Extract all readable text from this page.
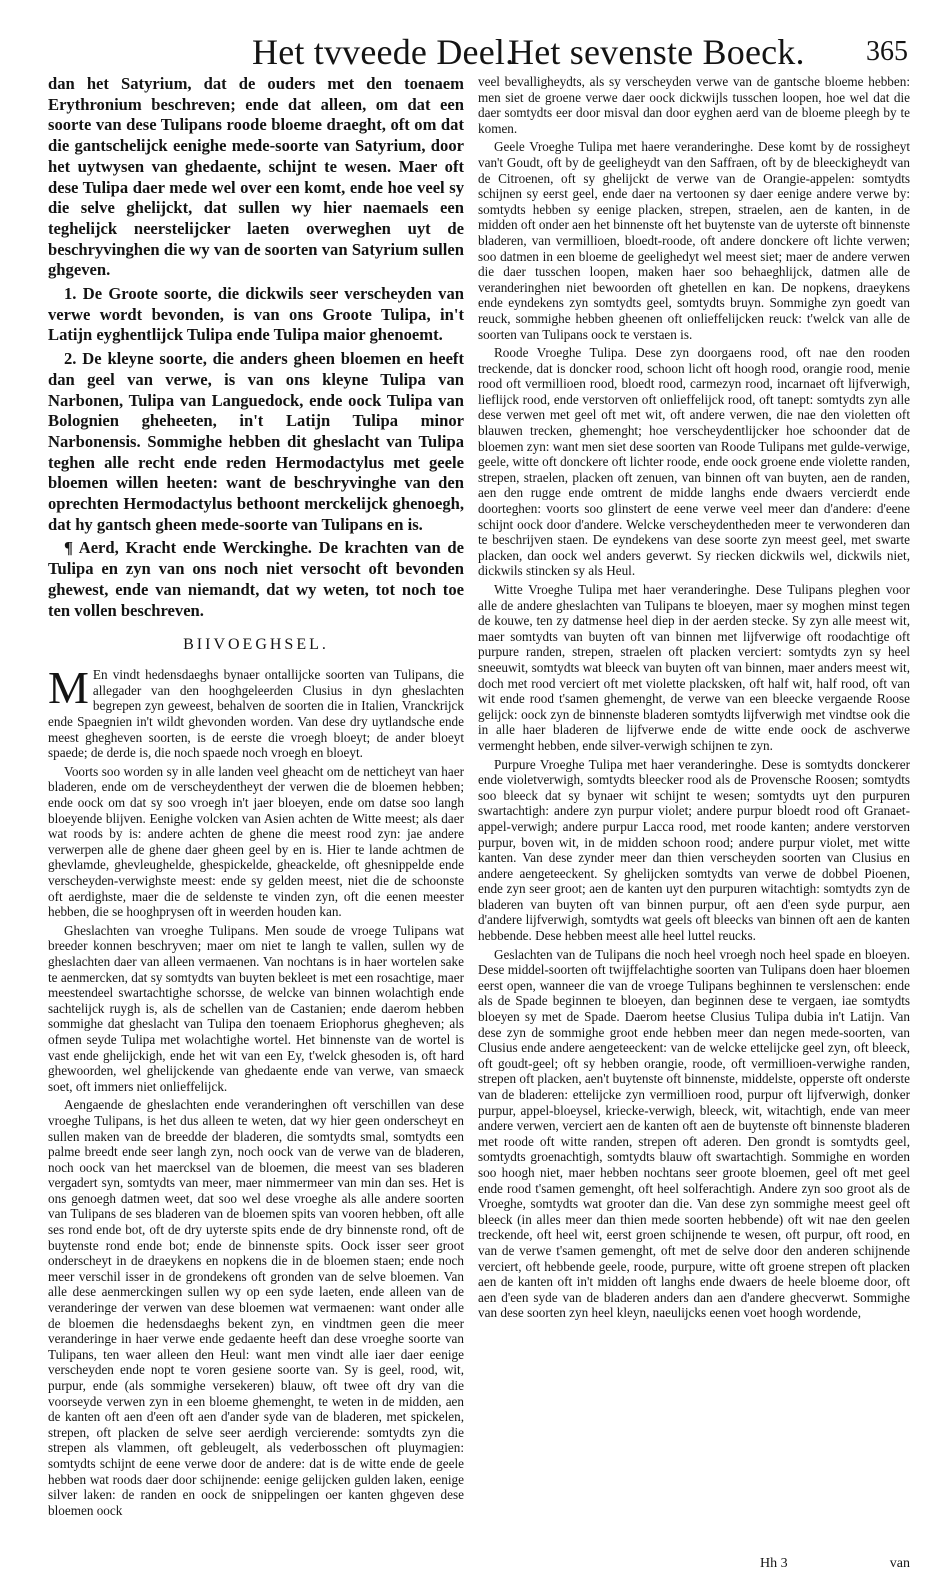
Het tvveede Deel.
Het sevenste Boeck. 365

dan het Satyrium, dat de ouders met den toenaem Erythronium beschreven; ende dat alleen, om dat een soorte van dese Tulipans roode bloeme draeght, oft om dat die gantschelijck eenighe mede-soorte van Satyrium, door het uytwysen van ghedaente, schijnt te wesen. Maer oft dese Tulipa daer mede wel over een komt, ende hoe veel sy die selve ghelijckt, dat sullen wy hier naemaels een teghelijck neerstelijcker laeten overweghen uyt de beschryvinghen die wy van de soorten van Satyrium sullen ghgeven.

1. De Groote soorte, die dickwils seer verscheyden van verwe wordt bevonden, is van ons Groote Tulipa, in't Latijn eyghentlijck Tulipa ende Tulipa maior ghenoemt.

2. De kleyne soorte, die anders gheen bloemen en heeft dan geel van verwe, is van ons kleyne Tulipa van Narbonen, Tulipa van Languedock, ende oock Tulipa van Bolognien gheheeten, in't Latijn Tulipa minor Narbonensis. Sommighe hebben dit gheslacht van Tulipa teghen alle recht ende reden Hermodactylus met geele bloemen willen heeten: want de beschryvinghe van den oprechten Hermodactylus bethoont merckelijck ghenoegh, dat hy gantsch gheen mede-soorte van Tulipans en is.

¶ Aerd, Kracht ende Werckinghe. De krachten van de Tulipa en zyn van ons noch niet versocht oft bevonden ghewest, ende van niemandt, dat wy weten, tot noch toe ten vollen beschreven.

BIIVOEGHSEL.

M En vindt hedensdaeghs bynaer ontallijcke soorten van Tulipans, die allegader van den hooghgeleerden Clusius in dyn gheslachten begrepen zyn geweest, behalven de soorten die in Italien, Vranckrijck ende Spaegnien in't wildt ghevonden worden. Van dese dry uytlandsche ende meest ghegheven soorten, is de eerste die vroegh bloeyt; de ander bloeyt spaede; de derde is, die noch spaede noch vroegh en bloeyt.

Voorts soo worden sy in alle landen veel gheacht om de netticheyt van haer bladeren, ende om de verscheydentheyt der verwen die de bloemen hebben; ende oock om dat sy soo vroegh in't jaer bloeyen, ende om datse soo langh bloeyende blijven. Eenighe volcken van Asien achten de Witte meest; als daer wat roods by is: andere achten de ghene die meest rood zyn: jae andere verwerpen alle de ghene daer gheen geel by en is. Hier te lande achtmen de ghevlamde, ghevleughelde, ghespickelde, gheackelde, oft ghesnippelde ende verscheyden-verwighste meest: ende sy gelden meest, niet die de schoonste oft aerdighste, maer die de seldenste te vinden zyn, oft die eenen meester hebben, die se hooghprysen oft in weerden houden kan.

Gheslachten van vroeghe Tulipans. Men soude de vroege Tulipans wat breeder konnen beschryven; maer om niet te langh te vallen, sullen wy de gheslachten daer van alleen vermaenen. Van nochtans is in haer wortelen sake te aenmercken, dat sy somtydts van buyten bekleet is met een rosachtige, maer meestendeel swartachtighe schorsse, de welcke van binnen wolachtigh ende sachtelijck ruygh is, als de schellen van de Castanien; ende daerom hebben sommighe dat gheslacht van Tulipa den toenaem Eriophorus ghegheven; als ofmen seyde Tulipa met wolachtighe wortel. Het binnenste van de wortel is vast ende ghelijckigh, ende het wit van een Ey, t'welck ghesoden is, oft hard ghewoorden, wel ghelijckende van ghedaente ende van verwe, van smaeck soet, oft immers niet onlieffelijck.

Aengaende de gheslachten ende veranderinghen oft verschillen van dese vroeghe Tulipans, is het dus alleen te weten, dat wy hier geen onderscheyt en sullen maken van de breedde der bladeren, die somtydts smal, somtydts een palme breedt ende seer langh zyn, noch oock van de verwe van de bladeren, noch oock van het maercksel van de bloemen, die meest van ses bladeren vergadert syn, somtydts van meer, maer nimmermeer van min dan ses. Het is ons genoegh datmen weet, dat soo wel dese vroeghe als alle andere soorten van Tulipans de ses bladeren van de bloemen spits van vooren hebben, oft alle ses rond ende bot, oft de dry uyterste spits ende de dry binnenste rond, oft de buytenste rond ende bot; ende de binnenste spits. Oock isser seer groot onderscheyt in de draeykens en nopkens die in de bloemen staen; ende noch meer verschil isser in de grondekens oft gronden van de selve bloemen. Van alle dese aenmerckingen sullen wy op een syde laeten, ende alleen van de veranderinge der verwen van dese bloemen wat vermaenen: want onder alle de bloemen die hedensdaeghs bekent zyn, en vindtmen geen die meer veranderinge in haer verwe ende gedaente heeft dan dese vroeghe soorte van Tulipans, ten waer alleen den Heul: want men vindt alle iaer daer eenige verscheyden ende nopt te voren gesiene soorte van. Sy is geel, rood, wit, purpur, ende (als sommighe versekeren) blauw, oft twee oft dry van die voorseyde verwen zyn in een bloeme ghemenght, te weten in de midden, aen de kanten oft aen d'een oft aen d'ander syde van de bladeren, met spickelen, strepen, oft placken de selve seer aerdigh vercierende: somtydts zyn die strepen als vlammen, oft gebleugelt, als vederbosschen oft pluymagien: somtydts schijnt de eene verwe door de andere: dat is de witte ende de geele hebben wat roods daer door schijnende: eenige gelijcken gulden laken, eenige silver laken: de randen en oock de snippelingen oer kanten ghgeven dese bloemen oock

veel bevalligheydts, als sy verscheyden verwe van de gantsche bloeme hebben: men siet de groene verwe daer oock dickwijls tusschen loopen, hoe wel dat die daer somtydts eer door misval dan door eyghen aerd van de bloeme pleegh by te komen.

Geele Vroeghe Tulipa met haere veranderinghe. Dese komt by de rossigheyt van't Goudt, oft by de geeligheydt van den Saffraen, oft by de bleeckigheydt van de Citroenen, oft sy ghelijckt de verwe van de Orangie-appelen: somtydts schijnen sy eerst geel, ende daer na vertoonen sy daer eenige andere verwe by: somtydts hebben sy eenige placken, strepen, straelen, aen de kanten, in de midden oft onder aen het binnenste oft het buytenste van de uyterste oft binnenste bladeren, van vermillioen, bloedt-roode, oft andere donckere oft lichte verwen; soo datmen in een bloeme de geelighedyt wel meest siet; maer de andere verwen die daer tusschen loopen, maken haer soo behaeghlijck, datmen alle de veranderinghen niet bewoorden oft ghetellen en kan. De nopkens, draeykens ende eyndekens zyn somtydts geel, somtydts bruyn. Sommighe zyn goedt van reuck, sommighe hebben gheenen oft onlieffelijcken reuck: t'welck van alle de soorten van Tulipans oock te verstaen is.

Roode Vroeghe Tulipa. Dese zyn doorgaens rood, oft nae den rooden treckende, dat is doncker rood, schoon licht oft hoogh rood, orangie rood, menie rood oft vermillioen rood, bloedt rood, carmezyn rood, incarnaet oft lijfverwigh, lieflijck rood, ende verstorven oft onlieffelijck rood, oft tanept: somtydts zyn alle dese verwen met geel oft met wit, oft andere verwen, die nae den violetten oft blauwen trecken, ghemenght; hoe verscheydentlijcker hoe schoonder dat de bloemen zyn: want men siet dese soorten van Roode Tulipans met gulde-verwige, geele, witte oft donckere oft lichter roode, ende oock groene ende violette randen, strepen, straelen, placken oft zenuen, van binnen oft van buyten, aen de randen, aen den rugge ende omtrent de midde langhs ende dwaers vercierdt ende doorteghen: voorts soo glinstert de eene verwe veel meer dan d'andere: d'eene schijnt oock door d'andere. Welcke verscheydentheden meer te verwonderen dan te beschrijven staen. De eyndekens van dese soorte zyn meest geel, met swarte placken, dan oock wel anders geverwt. Sy riecken dickwils wel, dickwils niet, dickwils stincken sy als Heul.

Witte Vroeghe Tulipa met haer veranderinghe. Dese Tulipans pleghen voor alle de andere gheslachten van Tulipans te bloeyen, maer sy moghen minst tegen de kouwe, ten zy datmense heel diep in der aerden stecke. Sy zyn alle meest wit, maer somtydts van buyten oft van binnen met lijfverwige oft roodachtige oft purpure randen, strepen, straelen oft placken verciert: somtydts zyn sy heel sneeuwit, somtydts wat bleeck van buyten oft van binnen, maer anders meest wit, doch met rood verciert oft met violette placksken, oft half wit, half rood, oft van wit ende rood t'samen ghemenght, de verwe van een bleecke vergaende Roose gelijck: oock zyn de binnenste bladeren somtydts lijfverwigh met vindtse ook die in alle haer bladeren de lijfverwe ende de witte ende oock de aschverwe vermenght hebben, ende silver-verwigh schijnen te zyn.

Purpure Vroeghe Tulipa met haer veranderinghe. Dese is somtydts donckerer ende violetverwigh, somtydts bleecker rood als de Provensche Roosen; somtydts soo bleeck dat sy bynaer wit schijnt te wesen; somtydts uyt den purpuren swartachtigh: andere zyn purpur violet; andere purpur bloedt rood oft Granaet-appel-verwigh; andere purpur Lacca rood, met roode kanten; andere verstorven purpur, boven wit, in de midden schoon rood; andere purpur violet, met witte kanten. Van dese zynder meer dan thien verscheyden soorten van Clusius en andere aengeteeckent. Sy ghelijcken somtydts van verwe de dobbel Pioenen, ende zyn seer groot; aen de kanten uyt den purpuren witachtigh: somtydts zyn de bladeren van buyten oft van binnen purpur, oft aen d'een syde purpur, aen d'andere lijfverwigh, somtydts wat geels oft bleecks van binnen oft aen de kanten hebbende. Dese hebben meest alle heel luttel reucks.

Geslachten van de Tulipans die noch heel vroegh noch heel spade en bloeyen. Dese middel-soorten oft twijffelachtighe soorten van Tulipans doen haer bloemen eerst open, wanneer die van de vroege Tulipans beghinnen te verslenschen: ende als de Spade beginnen te bloeyen, dan beginnen dese te vergaen, iae somtydts bloeyen sy met de Spade. Daerom heetse Clusius Tulipa dubia in't Latijn. Van dese zyn de sommighe groot ende hebben meer dan negen mede-soorten, van Clusius ende andere aengeteeckent: van de welcke ettelijcke geel zyn, oft bleeck, oft goudt-geel; oft sy hebben orangie, roode, oft vermillioen-verwighe randen, strepen oft placken, aen't buytenste oft binnenste, middelste, opperste oft onderste van de bladeren: ettelijcke zyn vermillioen rood, purpur oft lijfverwigh, donker purpur, appel-bloeysel, kriecke-verwigh, bleeck, wit, witachtigh, ende van meer andere verwen, verciert aen de kanten oft aen de buytenste oft binnenste bladeren met roode oft witte randen, strepen oft aderen. Den grondt is somtydts geel, somtydts groenachtigh, somtydts blauw oft swartachtigh. Sommighe en worden soo hoogh niet, maer hebben nochtans seer groote bloemen, geel oft met geel ende rood t'samen gemenght, oft heel solferachtigh. Andere zyn soo groot als de Vroeghe, somtydts wat grooter dan die. Van dese zyn sommighe meest geel oft bleeck (in alles meer dan thien mede soorten hebbende) oft wit nae den geelen treckende, oft heel wit, eerst groen schijnende te wesen, oft purpur, oft rood, en van de verwe t'samen gemenght, oft met de selve door den anderen schijnende verciert, oft hebbende geele, roode, purpure, witte oft groene strepen oft placken aen de kanten oft in't midden oft langhs ende dwaers de heele bloeme door, oft aen d'een syde van de bladeren anders dan aen d'andere ghecverwt. Sommighe van dese soorten zyn heel kleyn, naeulijcks eenen voet hoogh wordende,

Hh 3	van
